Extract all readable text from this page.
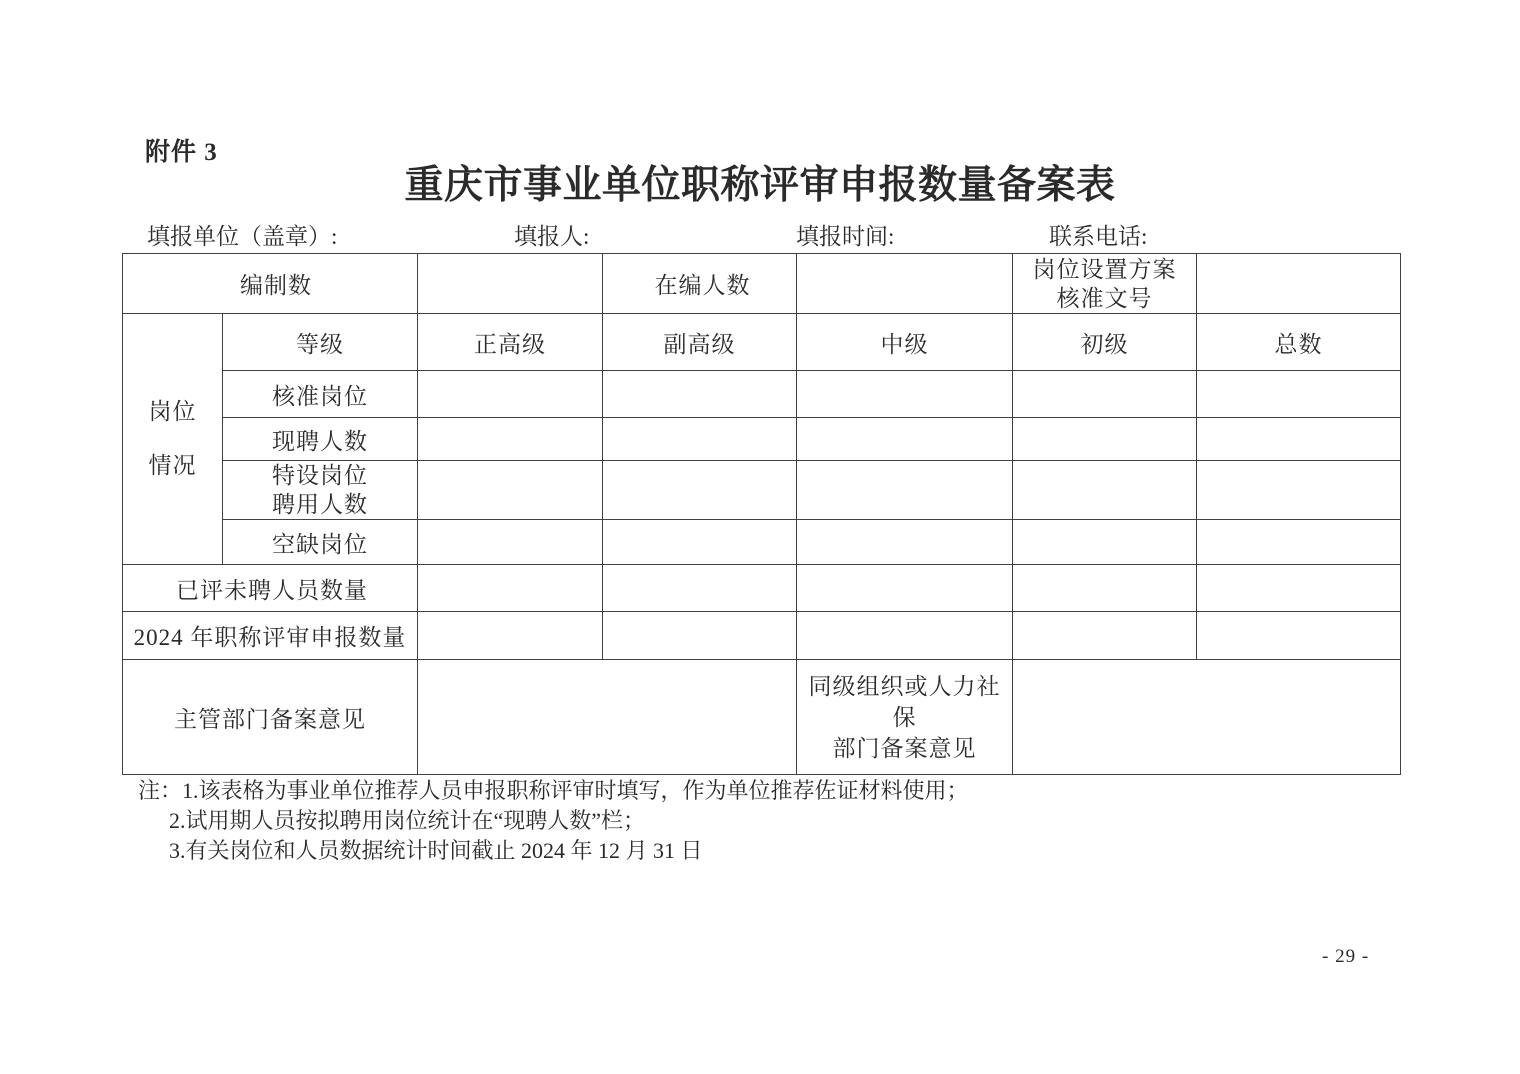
附件 3
重庆市事业单位职称评审申报数量备案表
填报单位（盖章）:	填报人:	填报时间:	联系电话:
编制数			在编人数		岗位设置方案
核准文号	

岗位
情况	等级	正高级	副高级	中级	初级	总数
	核准岗位					
	现聘人数					

	特设岗位
聘用人数					

	空缺岗位					
已评未聘人员数量						
2024 年职称评审申报数量						
主管部门备案意见				同级组织或人力社保
部门备案意见		

注：1.该表格为事业单位推荐人员申报职称评审时填写，作为单位推荐佐证材料使用；
2.试用期人员按拟聘用岗位统计在“现聘人数”栏；
3.有关岗位和人员数据统计时间截止 2024 年 12 月 31 日
- 29 -
